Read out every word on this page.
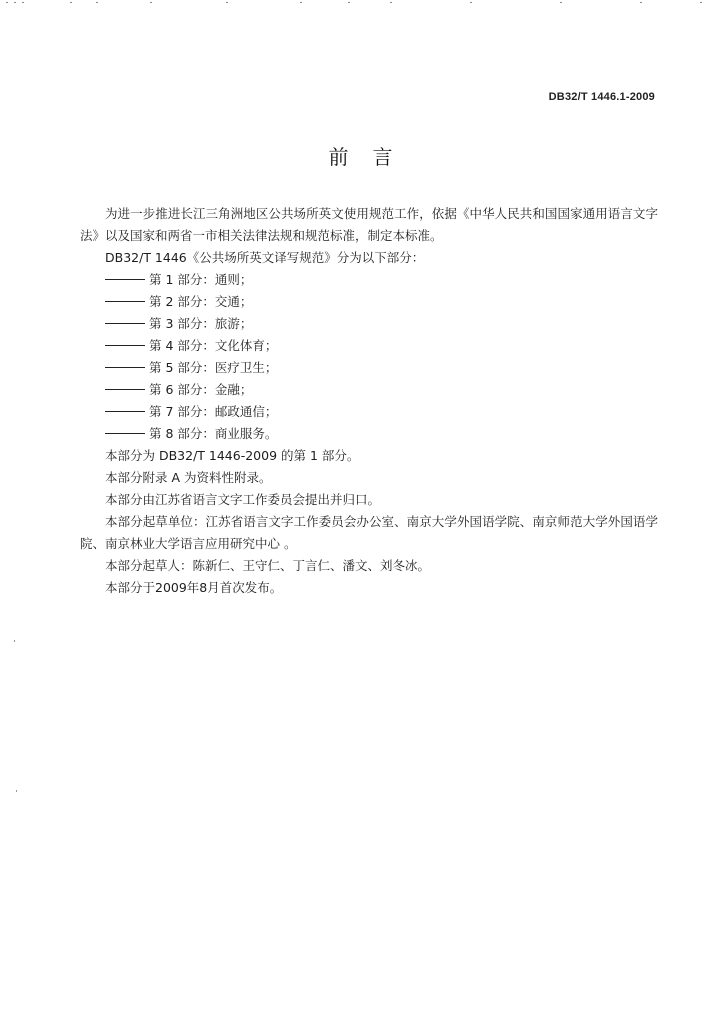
DB32/T 1446.1-2009
前言

为进一步推进长江三角洲地区公共场所英文使用规范工作，依据《中华人民共和国国家通用语言文字法》以及国家和两省一市相关法律法规和规范标准，制定本标准。

DB32/T 1446《公共场所英文译写规范》分为以下部分：

第 1 部分：通则；

第 2 部分：交通；

第 3 部分：旅游；

第 4 部分：文化体育；

第 5 部分：医疗卫生；

第 6 部分：金融；

第 7 部分：邮政通信；

第 8 部分：商业服务。

本部分为 DB32/T 1446-2009 的第 1 部分。

本部分附录 A 为资料性附录。

本部分由江苏省语言文字工作委员会提出并归口。

本部分起草单位：江苏省语言文字工作委员会办公室、南京大学外国语学院、南京师范大学外国语学院、南京林业大学语言应用研究中心 。

本部分起草人：陈新仁、王守仁、丁言仁、潘文、刘冬冰。

本部分于2009年8月首次发布。
